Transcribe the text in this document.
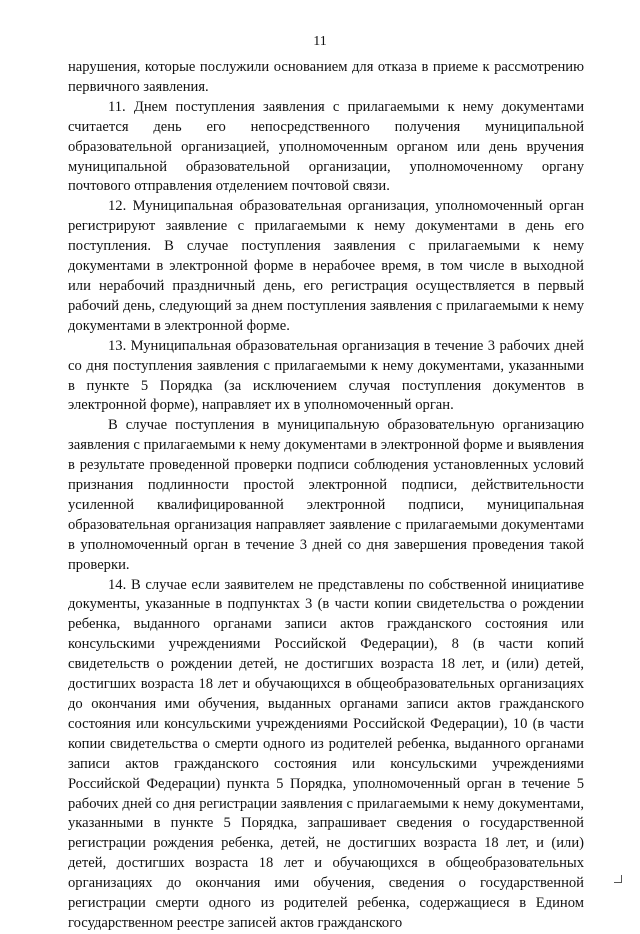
11

нарушения, которые послужили основанием для отказа в приеме к рассмотрению первичного заявления.

11. Днем поступления заявления с прилагаемыми к нему документами считается день его непосредственного получения муниципальной образовательной организацией, уполномоченным органом или день вручения муниципальной образовательной организации, уполномоченному органу почтового отправления отделением почтовой связи.

12. Муниципальная образовательная организация, уполномоченный орган регистрируют заявление с прилагаемыми к нему документами в день его поступления. В случае поступления заявления с прилагаемыми к нему документами в электронной форме в нерабочее время, в том числе в выходной или нерабочий праздничный день, его регистрация осуществляется в первый рабочий день, следующий за днем поступления заявления с прилагаемыми к нему документами в электронной форме.

13. Муниципальная образовательная организация в течение 3 рабочих дней со дня поступления заявления с прилагаемыми к нему документами, указанными в пункте 5 Порядка (за исключением случая поступления документов в электронной форме), направляет их в уполномоченный орган.

В случае поступления в муниципальную образовательную организацию заявления с прилагаемыми к нему документами в электронной форме и выявления в результате проведенной проверки подписи соблюдения установленных условий признания подлинности простой электронной подписи, действительности усиленной квалифицированной электронной подписи, муниципальная образовательная организация направляет заявление с прилагаемыми документами в уполномоченный орган в течение 3 дней со дня завершения проведения такой проверки.

14. В случае если заявителем не представлены по собственной инициативе документы, указанные в подпунктах 3 (в части копии свидетельства о рождении ребенка, выданного органами записи актов гражданского состояния или консульскими учреждениями Российской Федерации), 8 (в части копий свидетельств о рождении детей, не достигших возраста 18 лет, и (или) детей, достигших возраста 18 лет и обучающихся в общеобразовательных организациях до окончания ими обучения, выданных органами записи актов гражданского состояния или консульскими учреждениями Российской Федерации), 10 (в части копии свидетельства о смерти одного из родителей ребенка, выданного органами записи актов гражданского состояния или консульскими учреждениями Российской Федерации) пункта 5 Порядка, уполномоченный орган в течение 5 рабочих дней со дня регистрации заявления с прилагаемыми к нему документами, указанными в пункте 5 Порядка, запрашивает сведения о государственной регистрации рождения ребенка, детей, не достигших возраста 18 лет, и (или) детей, достигших возраста 18 лет и обучающихся в общеобразовательных организациях до окончания ими обучения, сведения о государственной регистрации смерти одного из родителей ребенка, содержащиеся в Едином государственном реестре записей актов гражданского
